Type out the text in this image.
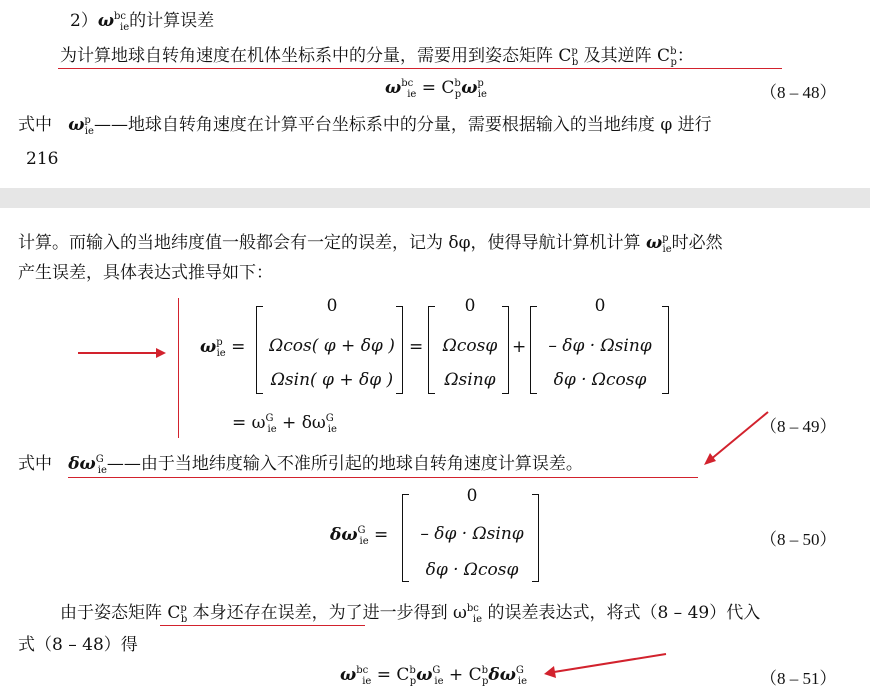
$2)\omega^{bc}_{ie}$的计算误差
为计算地球自转角速度在机体坐标系中的分量，需要用到姿态矩阵 $C^p_b$ 及其逆阵 $C^b_p$：
$\omega^{bc}_{ie} = C^b_p\omega^p_{ie}$	（8 – 48）
式中 $\omega^p_{ie}——$地球自转角速度在计算平台坐标系中的分量，需要根据输入的当地纬度 φ 进行
216
计算。而输入的当地纬度值一般都会有一定的误差，记为 δφ，使得导航计算机计算 $\omega^p_{ie}$时必然
产生误差，具体表达式推导如下：
$\omega^p_{ie}$ =
0
Ωcos( φ + δφ )
Ωsin( φ + δφ )
=
0
Ωcosφ
Ωsinφ
+
0
– δφ · Ωsinφ
δφ · Ωcosφ
= $\omega^G_{ie} + \delta\omega^G_{ie}$	（8 – 49）
式中 $\delta\omega^G_{ie}——$由于当地纬度输入不准所引起的地球自转角速度计算误差。
$\delta\omega^G_{ie}$ =
0
– δφ · Ωsinφ
δφ · Ωcosφ
（8 – 50）
由于姿态矩阵 $C^p_b$ 本身还存在误差，为了进一步得到 $\omega^{bc}_{ie}$ 的误差表达式，将式（8 – 49）代入
式（8 – 48）得
$\omega^{bc}_{ie} = C^b_p\omega^G_{ie} + C^b_p\delta\omega^G_{ie}$	（8 – 51）
